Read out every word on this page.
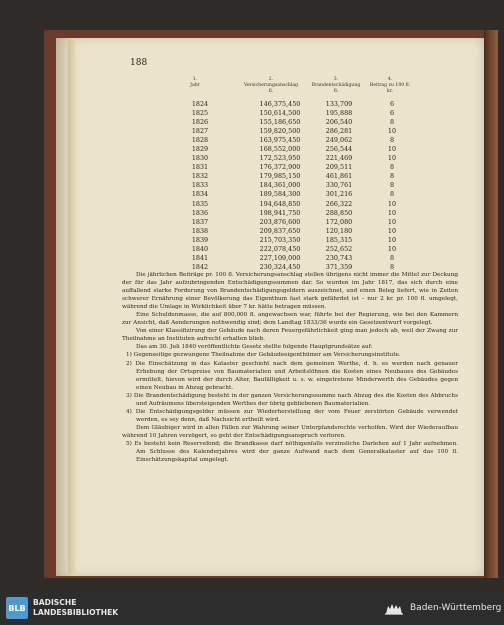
188
1.
Jahr
2.
Versicherungsanschlag
fl.
3.
Brandentschädigung
fl.
4.
Beitrag zu 100 fl.
kr.
1824	146,375,450	133,709	6
1825	150,614,500	195,888	6
1826	155,186,650	206,540	8
1827	159,820,500	286,281	10
1828	163,975,450	249,062	8
1829	168,552,000	256,544	10
1830	172,523,950	221,469	10
1831	176,372,900	209,511	8
1832	179,985,150	461,861	8
1833	184,361,000	330,761	8
1834	189,584,300	301,216	8
1835	194,648,850	266,322	10
1836	198,941,750	288,850	10
1837	203,876,600	172,080	10
1838	209,837,650	120,180	10
1839	215,703,350	185,315	10
1840	222,078,450	252,652	10
1841	227,109,000	230,743	8
1842	230,324,450	371,359	8

Die jährlichen Beiträge pr. 100 fl. Versicherungsanschlag stellen übrigens nicht immer die Mittel zur Deckung der für das Jahr aufzubringenden Entschädigungssummen dar. So wurden im Jahr 1817, das sich durch eine auffallend starke Forderung von Brandentschädigungsgeldern auszeichnet, und einen Beleg liefert, wie in Zeiten schwerer Ernährung einer Bevölkerung das Eigenthum fast stark gefährdet ist – nur 2 kr. pr. 100 fl. umgelegt, während die Umlage in Wirklichkeit über 7 kr. hätte betragen müssen.

Eine Schuldenmasse, die auf 800,000 fl. angewachsen war, führte bei der Regierung, wie bei den Kammern zur Ansicht, daß Aenderungen nothwendig sind; dem Landtag 1833/36 wurde ein Gesetzentwurf vorgelegt.

Von einer Klassifizirung der Gebäude nach deren Feuergefährlichkeit ging man jedoch ab, weil der Zwang zur Theilnahme an Instituten aufrecht erhalten blieb.

Das am 30. Juli 1840 veröffentlichte Gesetz stellte folgende Hauptgrundsätze auf:

1) Gegenseitige gezwungene Theilnahme der Gebäudeeigenthümer am Versicherungsinstitute.

2) Die Einschätzung in das Kataster geschieht nach dem gemeinen Werthe, d. h. es werden nach genauer Erhebung der Ortspreise von Baumaterialien und Arbeitslöhnen die Kosten eines Neubaues des Gebäudes ermittelt, hievon wird der durch Alter, Baufälligkeit u. s. w. eingetretene Minderwerth des Gebäudes gegen einen Neubau in Abzug gebracht.

3) Die Brandentschädigung besteht in der ganzen Versicherungssumme nach Abzug des die Kosten des Abbruchs und Aufräumens übersteigenden Werthes der übrig gebliebenen Baumaterialien.

4) Die Entschädigungsgelder müssen zur Wiederherstellung der vom Feuer zerstörten Gebäude verwendet werden, es sey denn, daß Nachsicht ertheilt wird.

Dem Gläubiger wird in allen Fällen zur Wahrung seiner Unterpfandsrechte verholfen. Wird der Wiederaufbau während 10 Jahren verzögert, so geht der Entschädigungsanspruch verloren.

5) Es besteht kein Reservefond; die Brandkasse darf nöthigenfalls verzinsliche Darlehen auf 1 Jahr aufnehmen. Am Schlusse des Kalenderjahres wird der ganze Aufwand nach dem Generalkataster auf das 100 fl. Einschätzungskapital umgelegt.

BLB
BADISCHE
LANDESBIBLIOTHEK	Baden-Württemberg
